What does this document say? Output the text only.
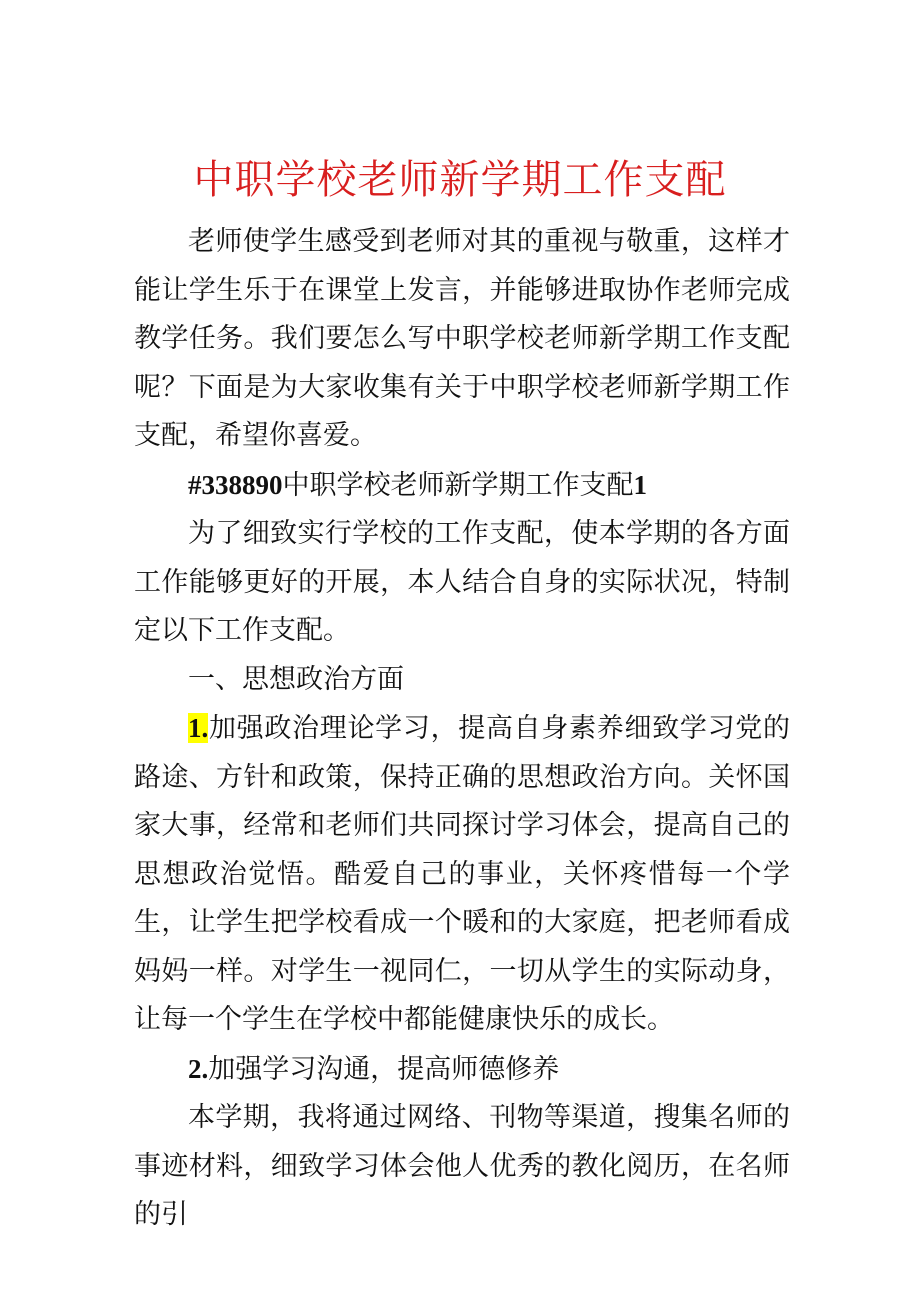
中职学校老师新学期工作支配

老师使学生感受到老师对其的重视与敬重，这样才能让学生乐于在课堂上发言，并能够进取协作老师完成教学任务。我们要怎么写中职学校老师新学期工作支配呢？下面是为大家收集有关于中职学校老师新学期工作支配，希望你喜爱。

#338890中职学校老师新学期工作支配1

为了细致实行学校的工作支配，使本学期的各方面工作能够更好的开展，本人结合自身的实际状况，特制定以下工作支配。

一、思想政治方面

1.加强政治理论学习，提高自身素养细致学习党的路途、方针和政策，保持正确的思想政治方向。关怀国家大事，经常和老师们共同探讨学习体会，提高自己的思想政治觉悟。酷爱自己的事业，关怀疼惜每一个学生，让学生把学校看成一个暖和的大家庭，把老师看成妈妈一样。对学生一视同仁，一切从学生的实际动身，让每一个学生在学校中都能健康快乐的成长。

2.加强学习沟通，提高师德修养

本学期，我将通过网络、刊物等渠道，搜集名师的事迹材料，细致学习体会他人优秀的教化阅历，在名师的引
